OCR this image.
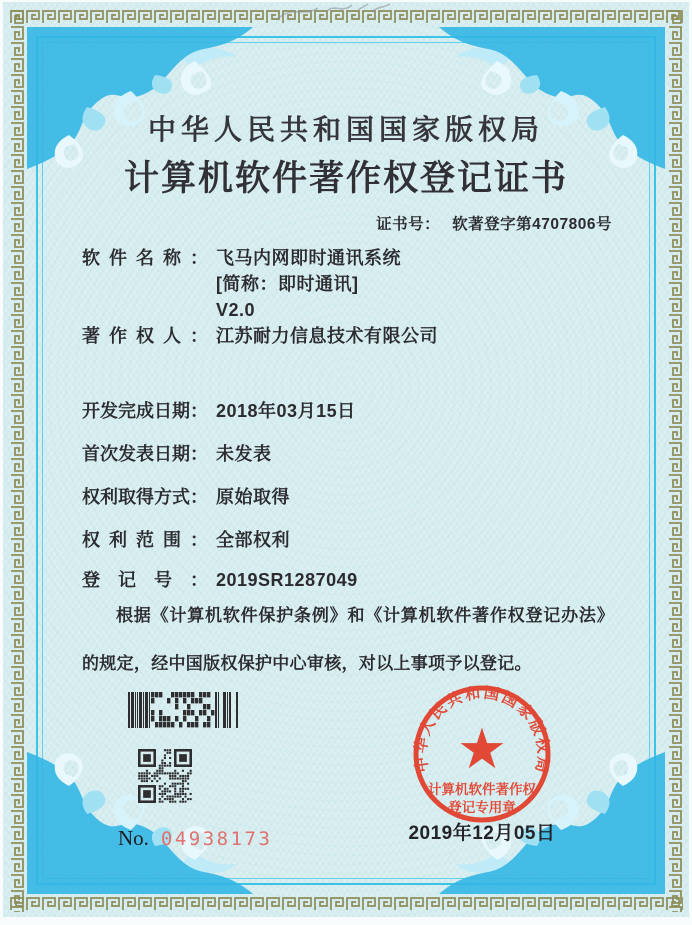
中华人民共和国国家版权局
计算机软件著作权登记证书
证书号： 软著登字第4707806号
软件名称： 飞马内网即时通讯系统
[简称：即时通讯]
V2.0
著作权人： 江苏耐力信息技术有限公司
开发完成日期： 2018年03月15日
首次发表日期： 未发表
权利取得方式： 原始取得
权利范围： 全部权利
登记号： 2019SR1287049
根据《计算机软件保护条例》和《计算机软件著作权登记办法》的规定，经中国版权保护中心审核，对以上事项予以登记。
No. 04938173
中华人民共和国国家版权局
★
计算机软件著作权
登记专用章
2019年12月05日
